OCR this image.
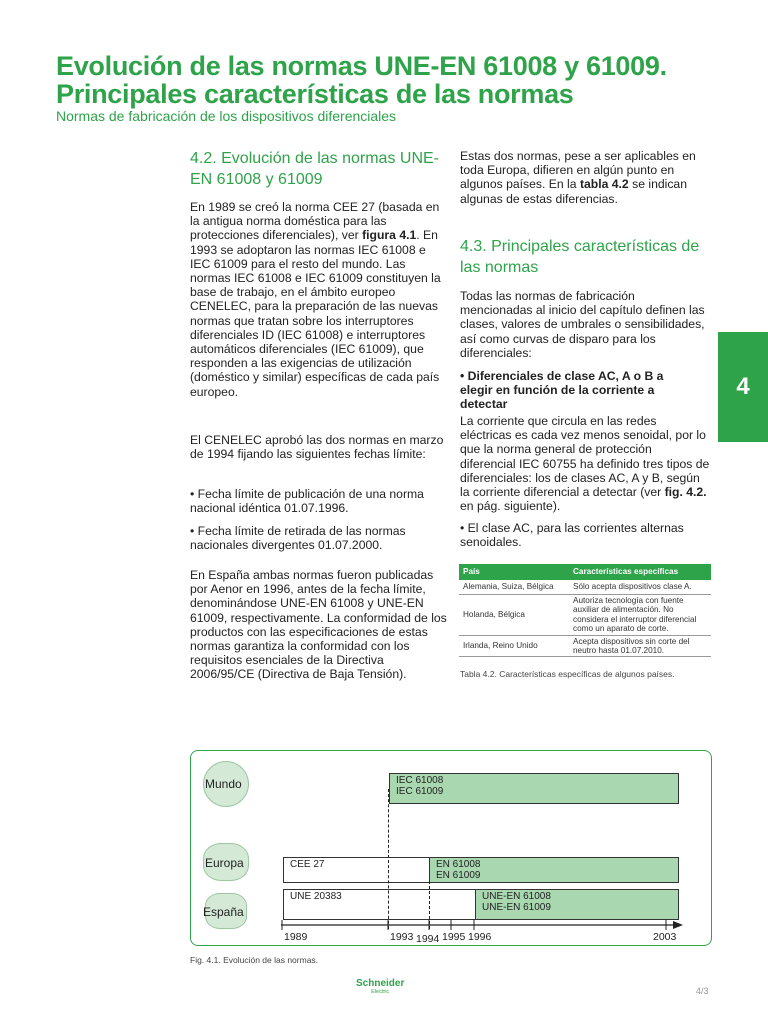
Evolución de las normas UNE-EN 61008 y 61009. Principales características de las normas
Normas de fabricación de los dispositivos diferenciales
4
4.2. Evolución de las normas UNE-EN 61008 y 61009

En 1989 se creó la norma CEE 27 (basada en la antigua norma doméstica para las protecciones diferenciales), ver figura 4.1. En 1993 se adoptaron las normas IEC 61008 e IEC 61009 para el resto del mundo. Las normas IEC 61008 e IEC 61009 constituyen la base de trabajo, en el ámbito europeo CENELEC, para la preparación de las nuevas normas que tratan sobre los interruptores diferenciales ID (IEC 61008) e interruptores automáticos diferenciales (IEC 61009), que responden a las exigencias de utilización (doméstico y similar) específicas de cada país europeo.

El CENELEC aprobó las dos normas en marzo de 1994 fijando las siguientes fechas límite:

• Fecha límite de publicación de una norma nacional idéntica 01.07.1996.

• Fecha límite de retirada de las normas nacionales divergentes 01.07.2000.

En España ambas normas fueron publicadas por Aenor en 1996, antes de la fecha límite, denominándose UNE-EN 61008 y UNE-EN 61009, respectivamente. La conformidad de los productos con las especificaciones de estas normas garantiza la conformidad con los requisitos esenciales de la Directiva 2006/95/CE (Directiva de Baja Tensión).

Estas dos normas, pese a ser aplicables en toda Europa, difieren en algún punto en algunos países. En la tabla 4.2 se indican algunas de estas diferencias.

4.3. Principales características de las normas

Todas las normas de fabricación mencionadas al inicio del capítulo definen las clases, valores de umbrales o sensibilidades, así como curvas de disparo para los diferenciales:

• Diferenciales de clase AC, A o B a elegir en función de la corriente a detectar

La corriente que circula en las redes eléctricas es cada vez menos senoidal, por lo que la norma general de protección diferencial IEC 60755 ha definido tres tipos de diferenciales: los de clases AC, A y B, según la corriente diferencial a detectar (ver fig. 4.2. en pág. siguiente).

• El clase AC, para las corrientes alternas senoidales.

País	Características específicas
Alemania, Suiza, Bélgica	Sólo acepta dispositivos clase A.
Holanda, Bélgica	Autoriza tecnología con fuente auxiliar de alimentación. No considera el interruptor diferencial como un aparato de corte.
Irlanda, Reino Unido	Acepta dispositivos sin corte del neutro hasta 01.07.2010.
Tabla 4.2. Características específicas de algunos países.
Mundo
Europa
España
IEC 61008
IEC 61009
CEE 27	EN 61008
EN 61009
UNE 20383	UNE-EN 61008
UNE-EN 61009
1989	1993 1994 1995 1996	2003
Fig. 4.1. Evolución de las normas.
Schneider
Electric	4/3
